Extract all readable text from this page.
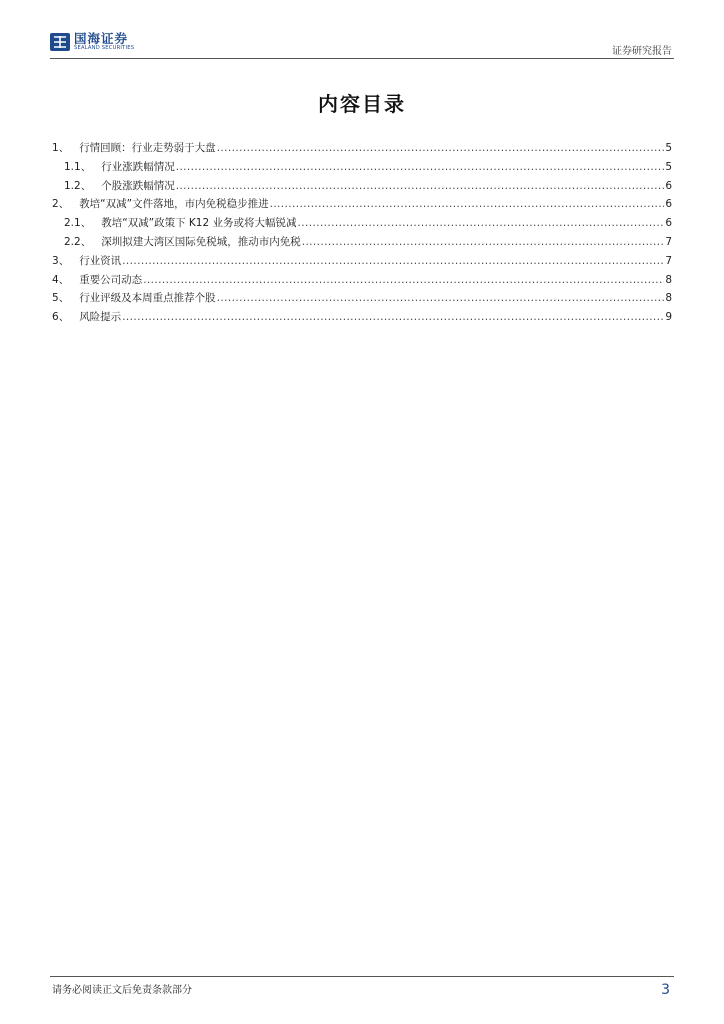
国海证券
SEALAND SECURITIES	证券研究报告
内容目录
1 、 行情回顾：行业走势弱于大盘 .....	5
1.1 、 行业涨跌幅情况 .....	5
1.2 、 个股涨跌幅情况 .....	6
2 、 教培“双减”文件落地，市内免税稳步推进 .....	6
2.1 、 教培“双减”政策下 K12 业务或将大幅锐减 .....	6
2.2 、 深圳拟建大湾区国际免税城，推动市内免税 .....	7
3 、 行业资讯 .....	7
4 、 重要公司动态 .....	8
5 、 行业评级及本周重点推荐个股 .....	8
6 、 风险提示 .....	9
请务必阅读正文后免责条款部分	3
